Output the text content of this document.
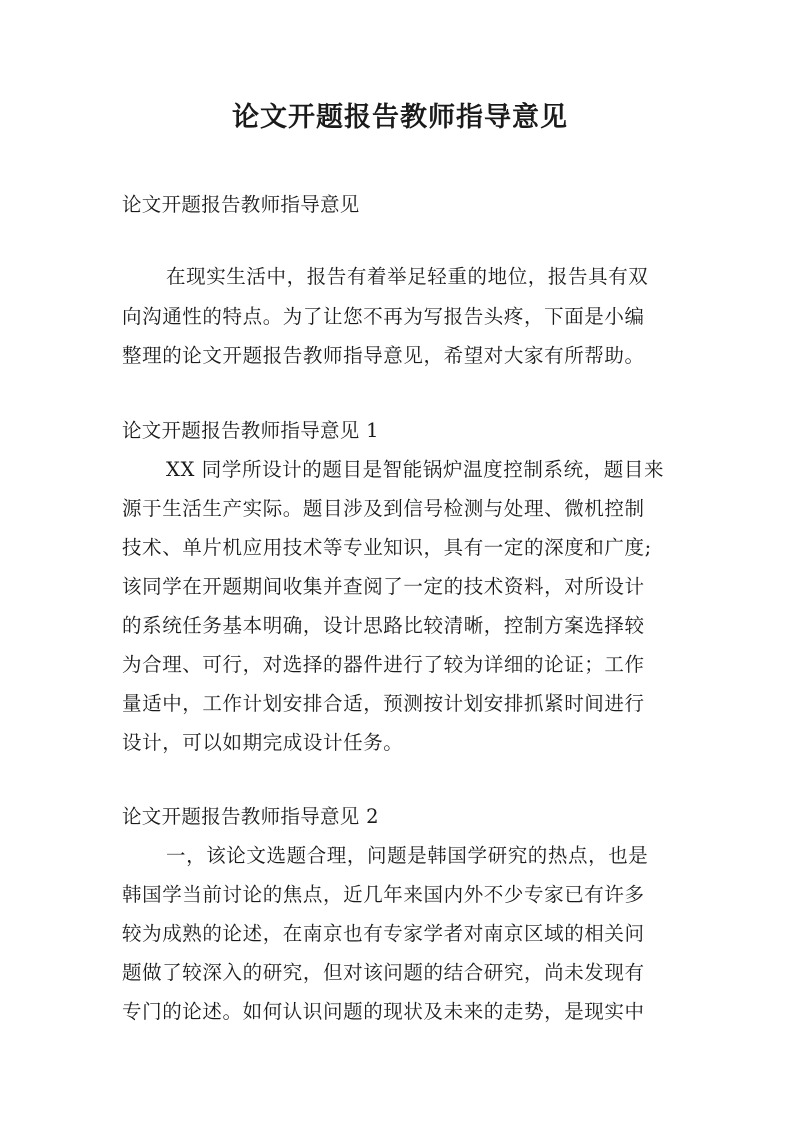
论文开题报告教师指导意见
论文开题报告教师指导意见
在现实生活中，报告有着举足轻重的地位，报告具有双
向沟通性的特点。为了让您不再为写报告头疼，下面是小编
整理的论文开题报告教师指导意见，希望对大家有所帮助。
论文开题报告教师指导意见 1
XX 同学所设计的题目是智能锅炉温度控制系统，题目来
源于生活生产实际。题目涉及到信号检测与处理、微机控制
技术、单片机应用技术等专业知识，具有一定的深度和广度;
该同学在开题期间收集并查阅了一定的技术资料，对所设计
的系统任务基本明确，设计思路比较清晰，控制方案选择较
为合理、可行，对选择的器件进行了较为详细的论证；工作
量适中，工作计划安排合适，预测按计划安排抓紧时间进行
设计，可以如期完成设计任务。
论文开题报告教师指导意见 2
一，该论文选题合理，问题是韩国学研究的热点，也是
韩国学当前讨论的焦点，近几年来国内外不少专家已有许多
较为成熟的论述，在南京也有专家学者对南京区域的相关问
题做了较深入的研究，但对该问题的结合研究，尚未发现有
专门的论述。如何认识问题的现状及未来的走势，是现实中
